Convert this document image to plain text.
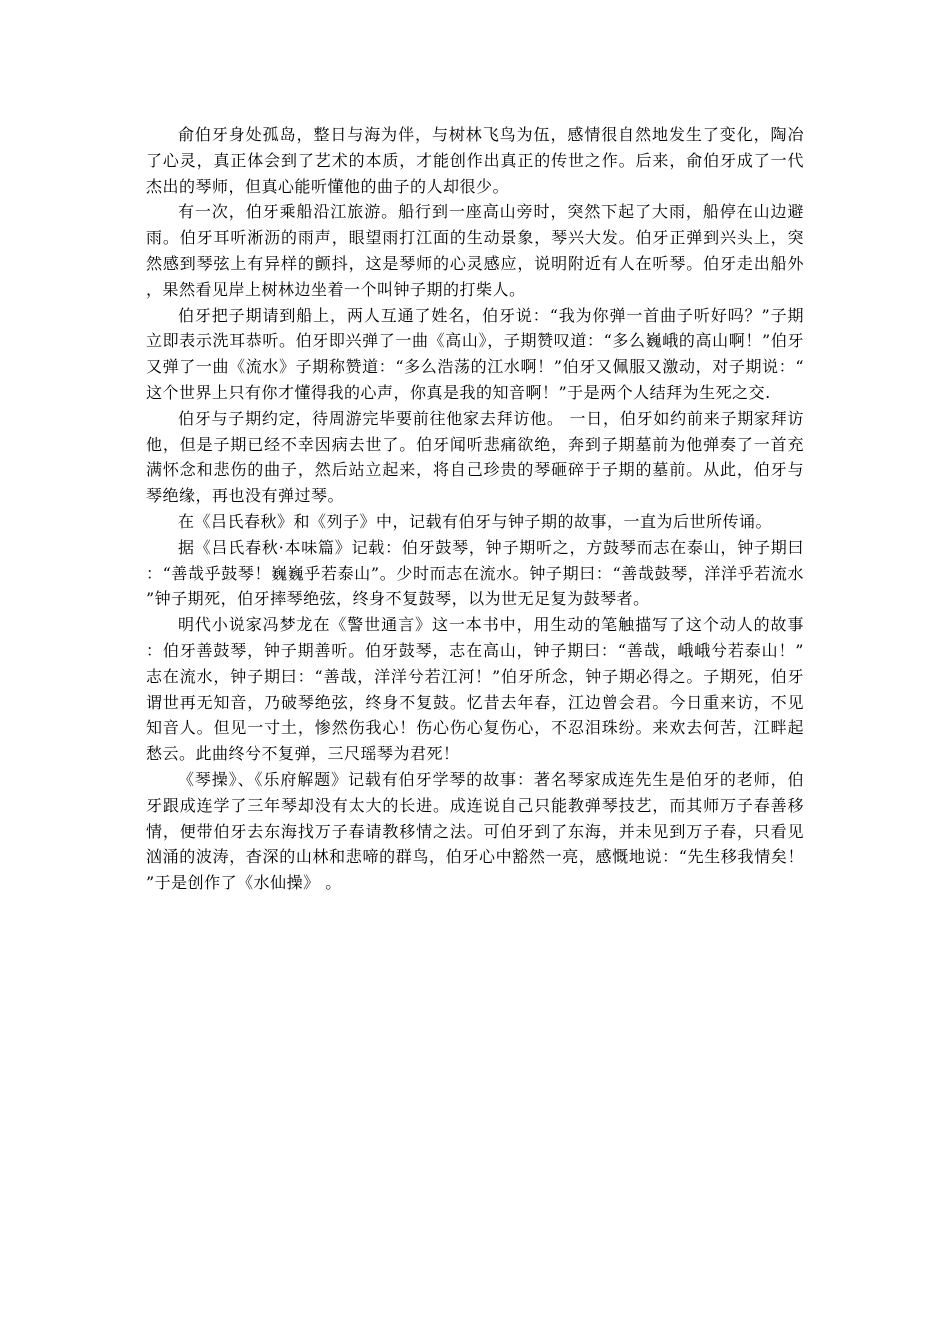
俞伯牙身处孤岛，整日与海为伴，与树林飞鸟为伍，感情很自然地发生了变化，陶冶了心灵，真正体会到了艺术的本质，才能创作出真正的传世之作。后来，俞伯牙成了一代杰出的琴师，但真心能听懂他的曲子的人却很少。

有一次，伯牙乘船沿江旅游。船行到一座高山旁时，突然下起了大雨，船停在山边避雨。伯牙耳听淅沥的雨声，眼望雨打江面的生动景象，琴兴大发。伯牙正弹到兴头上，突然感到琴弦上有异样的颤抖，这是琴师的心灵感应，说明附近有人在听琴。伯牙走出船外，果然看见岸上树林边坐着一个叫钟子期的打柴人。

伯牙把子期请到船上，两人互通了姓名，伯牙说：“我为你弹一首曲子听好吗？”子期立即表示洗耳恭听。伯牙即兴弹了一曲《高山》，子期赞叹道：“多么巍峨的高山啊！”伯牙又弹了一曲《流水》子期称赞道：“多么浩荡的江水啊！”伯牙又佩服又激动，对子期说：“这个世界上只有你才懂得我的心声，你真是我的知音啊！”于是两个人结拜为生死之交.

伯牙与子期约定，待周游完毕要前往他家去拜访他。 一日，伯牙如约前来子期家拜访他，但是子期已经不幸因病去世了。伯牙闻听悲痛欲绝，奔到子期墓前为他弹奏了一首充满怀念和悲伤的曲子，然后站立起来，将自己珍贵的琴砸碎于子期的墓前。从此，伯牙与琴绝缘，再也没有弹过琴。

在《吕氏春秋》和《列子》中，记载有伯牙与钟子期的故事，一直为后世所传诵。

据《吕氏春秋·本味篇》记载：伯牙鼓琴，钟子期听之，方鼓琴而志在泰山，钟子期曰：“善哉乎鼓琴！巍巍乎若泰山”。少时而志在流水。钟子期曰：“善哉鼓琴，洋洋乎若流水”钟子期死，伯牙摔琴绝弦，终身不复鼓琴，以为世无足复为鼓琴者。

明代小说家冯梦龙在《警世通言》这一本书中，用生动的笔触描写了这个动人的故事：伯牙善鼓琴，钟子期善听。伯牙鼓琴，志在高山，钟子期曰：“善哉，峨峨兮若泰山！”志在流水，钟子期曰：“善哉，洋洋兮若江河！”伯牙所念，钟子期必得之。子期死，伯牙谓世再无知音，乃破琴绝弦，终身不复鼓。忆昔去年春，江边曾会君。今日重来访，不见知音人。但见一寸土，惨然伤我心！伤心伤心复伤心，不忍泪珠纷。来欢去何苦，江畔起愁云。此曲终兮不复弹，三尺瑶琴为君死！

《琴操》、《乐府解题》记载有伯牙学琴的故事：著名琴家成连先生是伯牙的老师，伯牙跟成连学了三年琴却没有太大的长进。成连说自己只能教弹琴技艺，而其师万子春善移情，便带伯牙去东海找万子春请教移情之法。可伯牙到了东海，并未见到万子春，只看见汹涌的波涛，杳深的山林和悲啼的群鸟，伯牙心中豁然一亮，感慨地说：“先生移我情矣！”于是创作了《水仙操》 。
